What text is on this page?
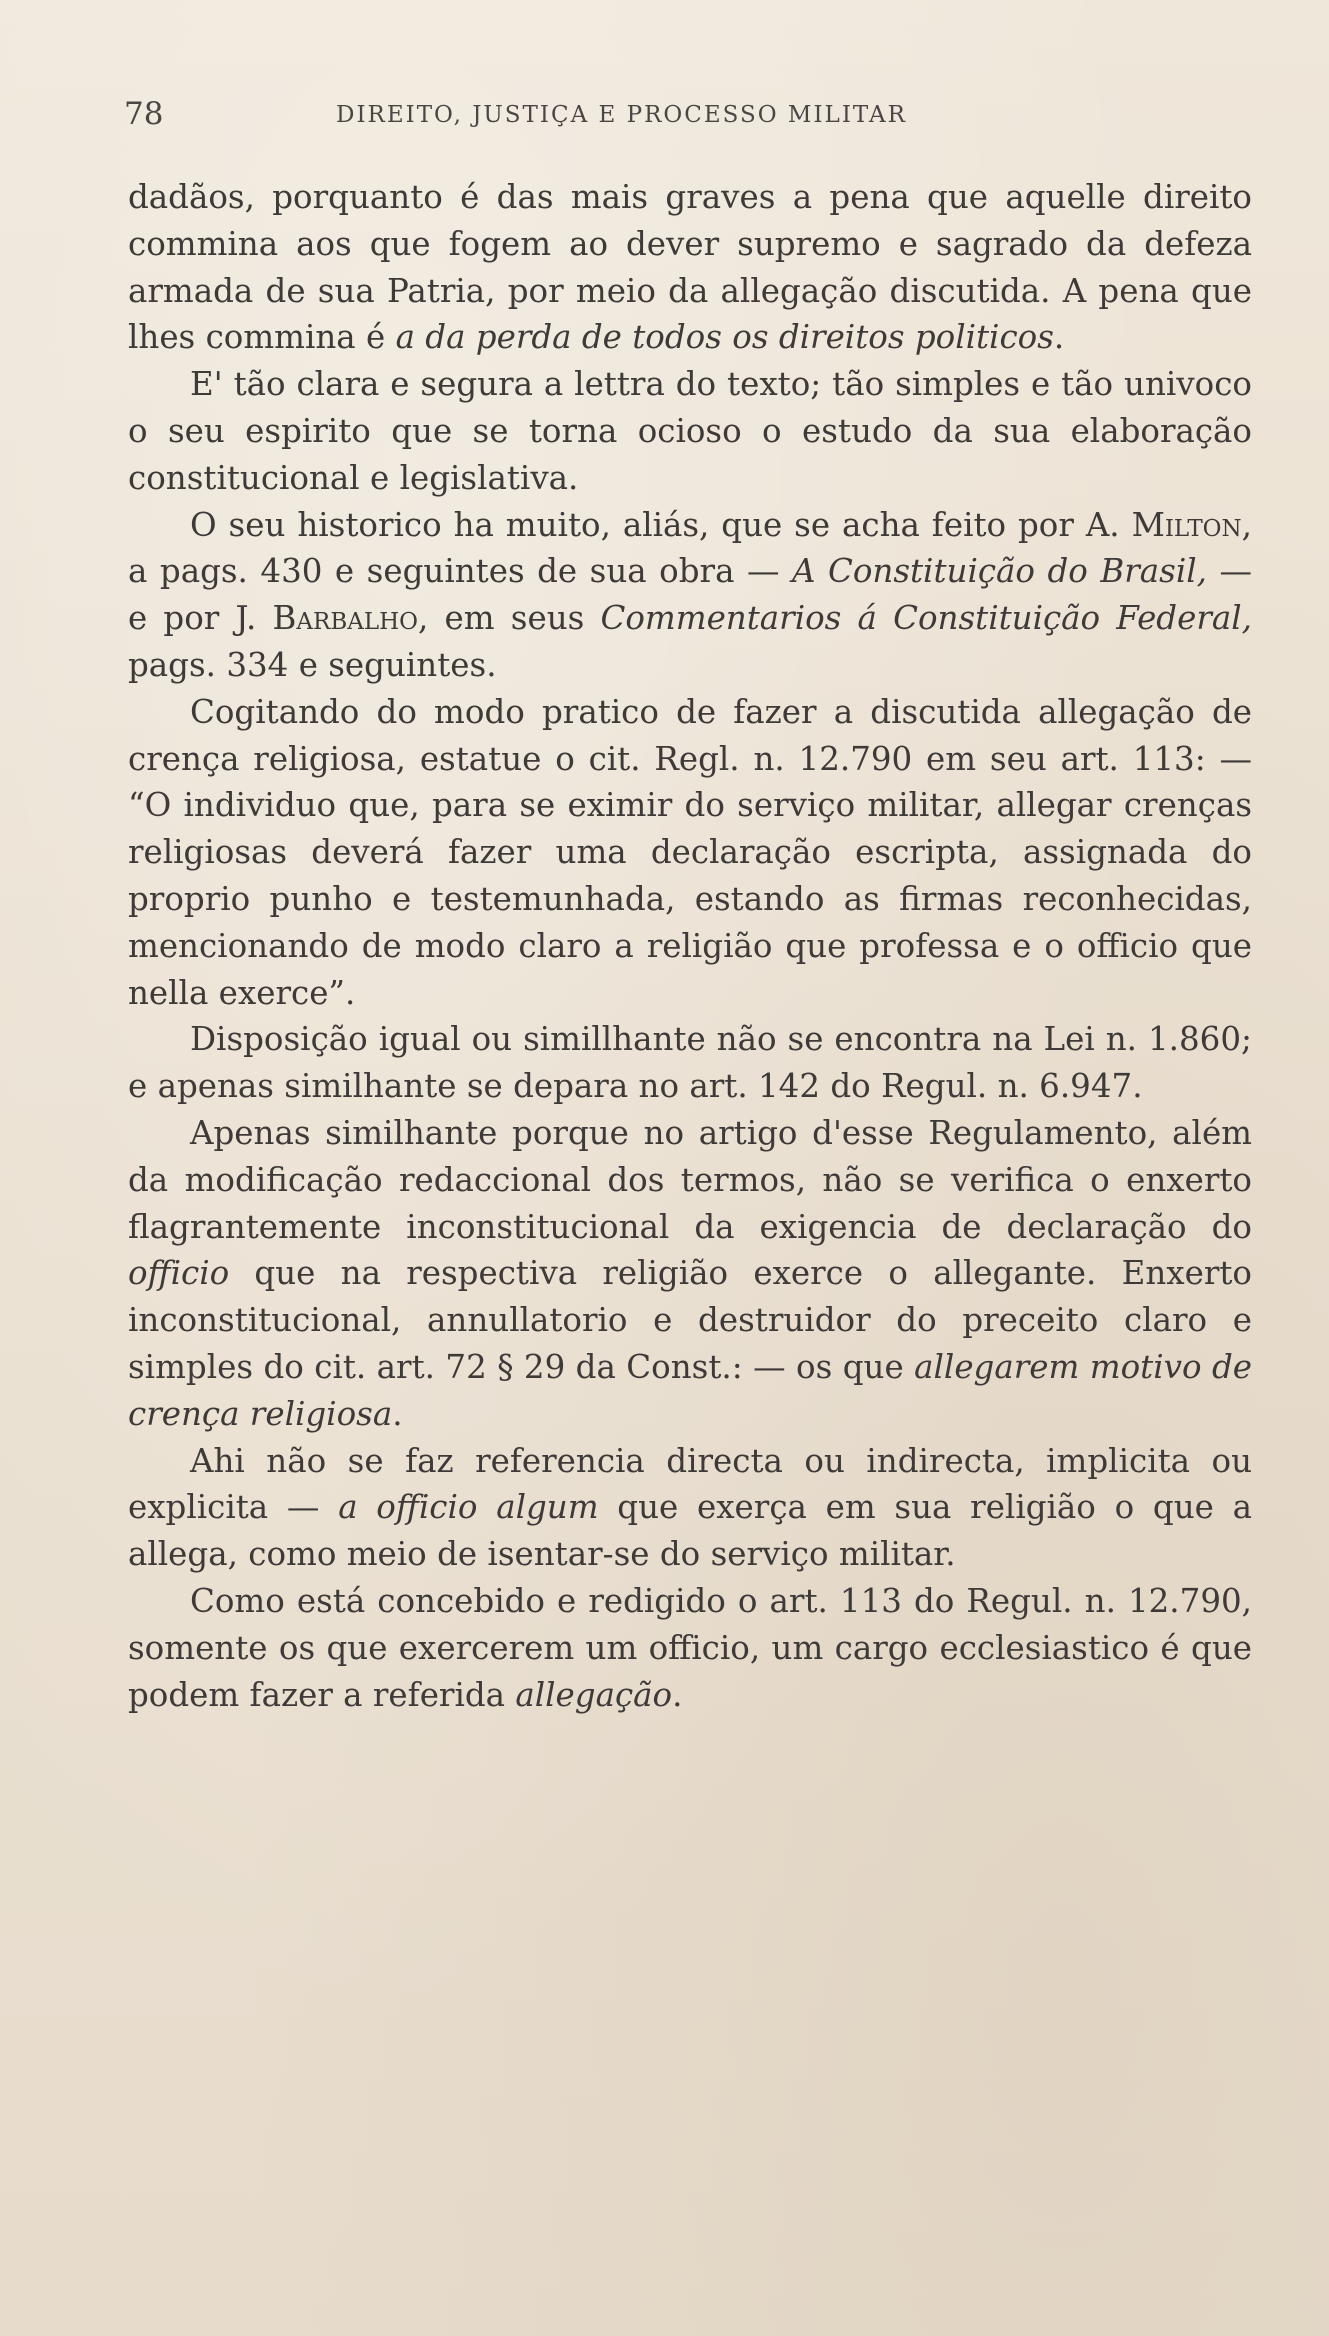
78	DIREITO, JUSTIÇA E PROCESSO MILITAR

dadãos, porquanto é das mais graves a pena que aquelle direito commina aos que fogem ao dever supremo e sagrado da defeza armada de sua Patria, por meio da allegação discutida. A pena que lhes commina é a da perda de todos os direitos politicos.

E' tão clara e segura a lettra do texto; tão simples e tão univoco o seu espirito que se torna ocioso o estudo da sua elaboração constitucional e legislativa.

O seu historico ha muito, aliás, que se acha feito por A. Milton, a pags. 430 e seguintes de sua obra — A Constituição do Brasil, — e por J. Barbalho, em seus Commentarios á Constituição Federal, pags. 334 e seguintes.

Cogitando do modo pratico de fazer a discutida allegação de crença religiosa, estatue o cit. Regl. n. 12.790 em seu art. 113: — “O individuo que, para se eximir do serviço militar, allegar crenças religiosas deverá fazer uma declaração escripta, assignada do proprio punho e testemunhada, estando as firmas reconhecidas, mencionando de modo claro a religião que professa e o officio que nella exerce”.

Disposição igual ou simillhante não se encontra na Lei n. 1.860; e apenas similhante se depara no art. 142 do Regul. n. 6.947.

Apenas similhante porque no artigo d'esse Regulamento, além da modificação redaccional dos termos, não se verifica o enxerto flagrantemente inconstitucional da exigencia de declaração do officio que na respectiva religião exerce o allegante. Enxerto inconstitucional, annullatorio e destruidor do preceito claro e simples do cit. art. 72 § 29 da Const.: — os que allegarem motivo de crença religiosa.

Ahi não se faz referencia directa ou indirecta, implicita ou explicita — a officio algum que exerça em sua religião o que a allega, como meio de isentar-se do serviço militar.

Como está concebido e redigido o art. 113 do Regul. n. 12.790, somente os que exercerem um officio, um cargo ecclesiastico é que podem fazer a referida allegação.
